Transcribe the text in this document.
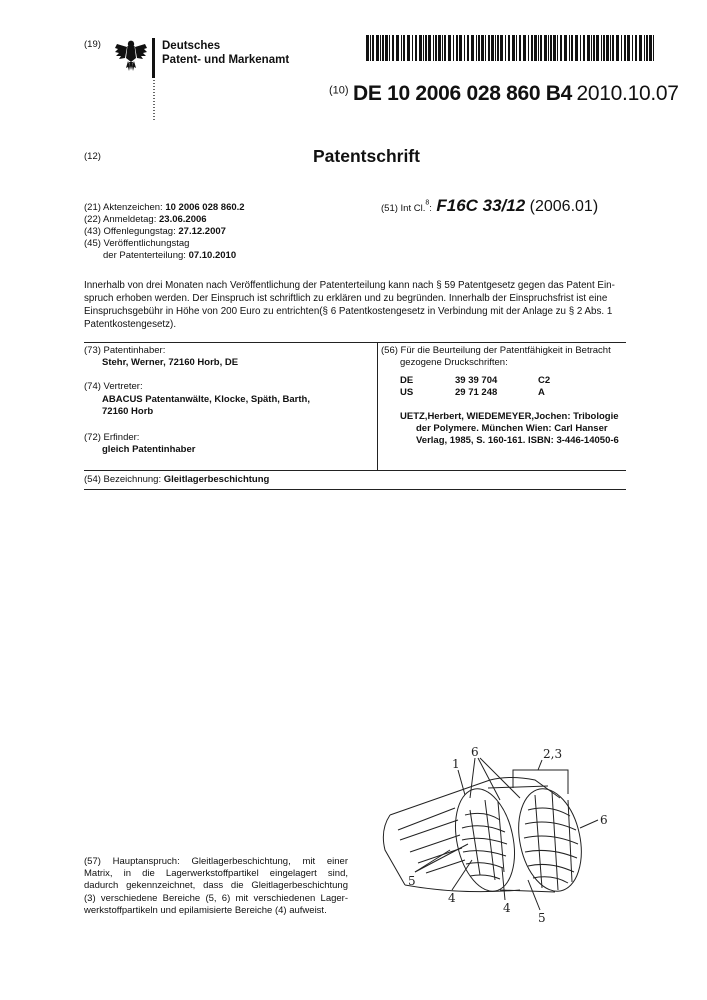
(19)	Deutsches
Patent- und Markenamt
$^{(10)}$ DE 10 2006 028 860 B4 2010.10.07
(12)	Patentschrift
(21) Aktenzeichen: 10 2006 028 860.2
(22) Anmeldetag: 23.06.2006
(43) Offenlegungstag: 27.12.2007
(45) Veröffentlichungstag
der Patenterteilung: 07.10.2010
(51) Int Cl.$^8$: F16C 33/12 (2006.01)
Innerhalb von drei Monaten nach Veröffentlichung der Patenterteilung kann nach § 59 Patentgesetz gegen das Patent Ein-
spruch erhoben werden. Der Einspruch ist schriftlich zu erklären und zu begründen. Innerhalb der Einspruchsfrist ist eine
Einspruchsgebühr in Höhe von 200 Euro zu entrichten(§ 6 Patentkostengesetz in Verbindung mit der Anlage zu § 2 Abs. 1
Patentkostengesetz).
(73) Patentinhaber:
Stehr, Werner, 72160 Horb, DE
(74) Vertreter:
ABACUS Patentanwälte, Klocke, Späth, Barth,
72160 Horb
(72) Erfinder:
gleich Patentinhaber
(56) Für die Beurteilung der Patentfähigkeit in Betracht
gezogene Druckschriften:
DE	39 39 704	C2
US	29 71 248	A
UETZ,Herbert, WIEDEMEYER,Jochen: Tribologie
der Polymere. München Wien: Carl Hanser
Verlag, 1985, S. 160-161. ISBN: 3-446-14050-6
(54) Bezeichnung: Gleitlagerbeschichtung
(57) Hauptanspruch: Gleitlagerbeschichtung, mit einer
Matrix, in die Lagerwerkstoffpartikel eingelagert sind,
dadurch gekennzeichnet, dass die Gleitlagerbeschichtung
(3) verschiedene Bereiche (5, 6) mit verschiedenen Lager-
werkstoffpartikeln und epilamisierte Bereiche (4) aufweist.
1
6	2,3
6
5
4
4
5
